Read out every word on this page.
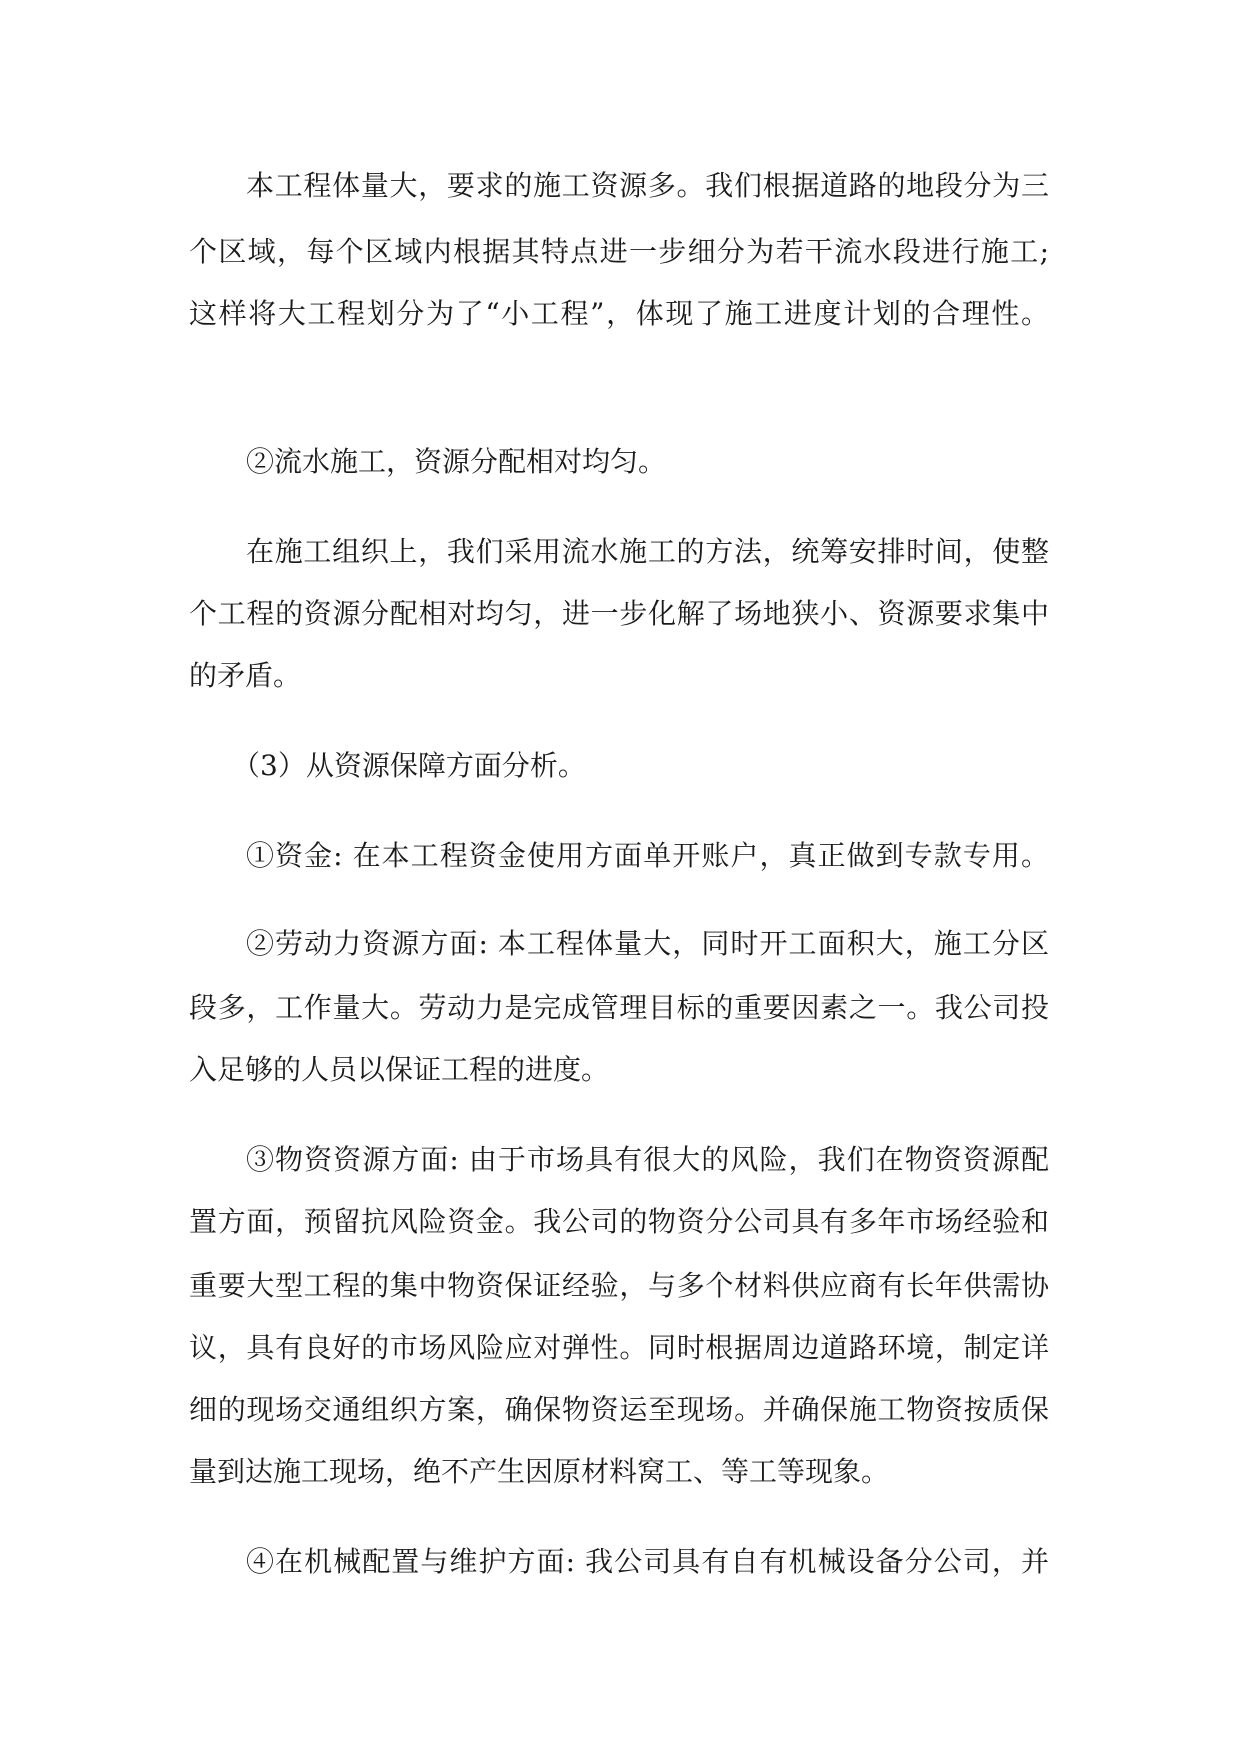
本工程体量大，要求的施工资源多。我们根据道路的地段分为三
个区域，每个区域内根据其特点进一步细分为若干流水段进行施工;
这样将大工程划分为了“小工程”，体现了施工进度计划的合理性。
②流水施工，资源分配相对均匀。
在施工组织上，我们采用流水施工的方法，统筹安排时间，使整
个工程的资源分配相对均匀，进一步化解了场地狭小、资源要求集中
的矛盾。
（3）从资源保障方面分析。
①资金: 在本工程资金使用方面单开账户，真正做到专款专用。
②劳动力资源方面: 本工程体量大，同时开工面积大，施工分区
段多，工作量大。劳动力是完成管理目标的重要因素之一。我公司投
入足够的人员以保证工程的进度。
③物资资源方面: 由于市场具有很大的风险，我们在物资资源配
置方面，预留抗风险资金。我公司的物资分公司具有多年市场经验和
重要大型工程的集中物资保证经验，与多个材料供应商有长年供需协
议，具有良好的市场风险应对弹性。同时根据周边道路环境，制定详
细的现场交通组织方案，确保物资运至现场。并确保施工物资按质保
量到达施工现场，绝不产生因原材料窝工、等工等现象。
④在机械配置与维护方面: 我公司具有自有机械设备分公司，并
